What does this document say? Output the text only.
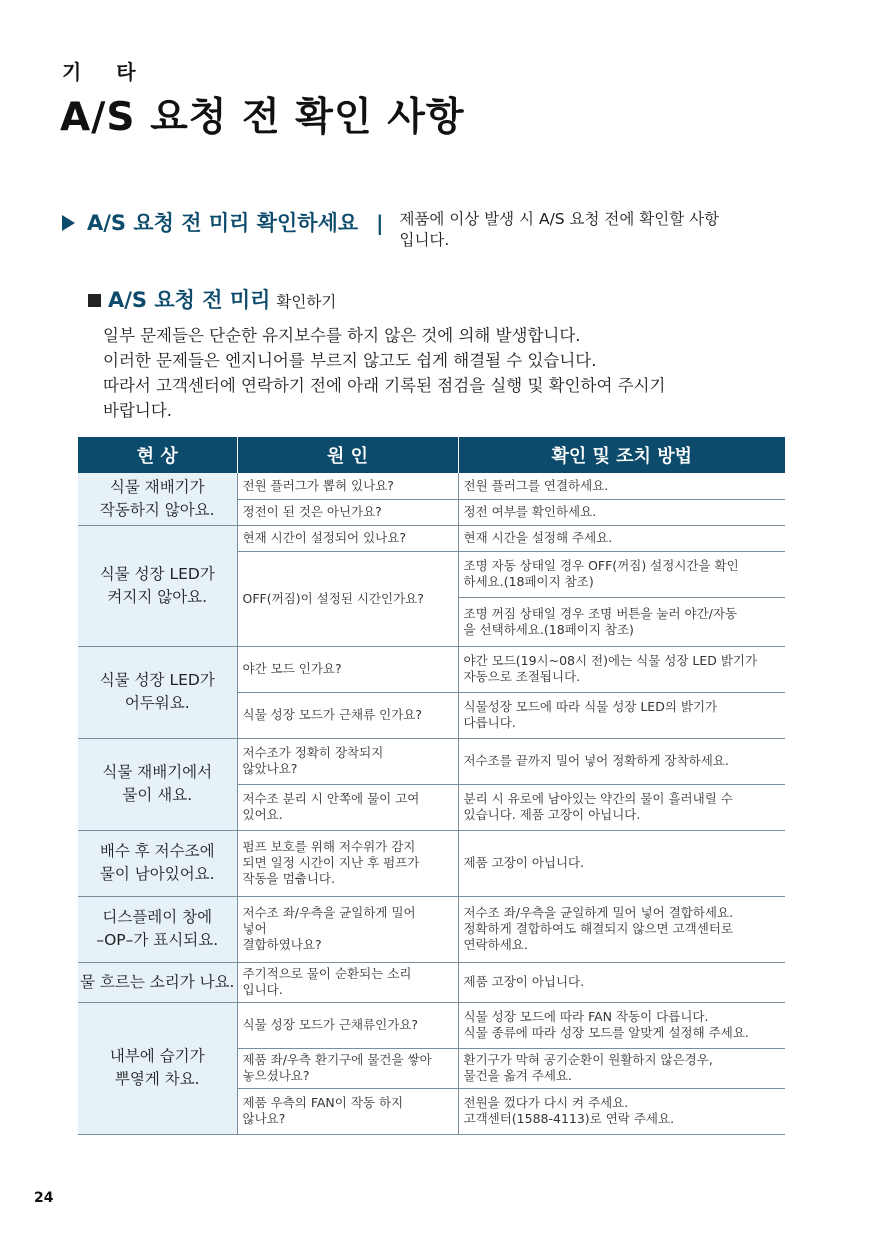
기 타
A/S 요청 전 확인 사항
A/S 요청 전 미리 확인하세요 | 제품에 이상 발생 시 A/S 요청 전에 확인할 사항입니다.
A/S 요청 전 미리 확인하기

일부 문제들은 단순한 유지보수를 하지 않은 것에 의해 발생합니다.

이러한 문제들은 엔지니어를 부르지 않고도 쉽게 해결될 수 있습니다.

따라서 고객센터에 연락하기 전에 아래 기록된 점검을 실행 및 확인하여 주시기

바랍니다.

현 상	원 인	확인 및 조치 방법

식물 재배기가
작동하지 않아요.	전원 플러그가 뽑혀 있나요?	전원 플러그를 연결하세요.

	정전이 된 것은 아닌가요?	정전 여부를 확인하세요.

식물 성장 LED가
켜지지 않아요.	현재 시간이 설정되어 있나요?	현재 시간을 설정해 주세요.

	OFF(꺼짐)이 설정된 시간인가요?	조명 자동 상태일 경우 OFF(꺼짐) 설정시간을 확인
하세요.(18페이지 참조)

		조명 꺼짐 상태일 경우 조명 버튼을 눌러 야간/자동
을 선택하세요.(18페이지 참조)

식물 성장 LED가
어두워요.	야간 모드 인가요?	야간 모드(19시~08시 전)에는 식물 성장 LED 밝기가
자동으로 조절됩니다.

	식물 성장 모드가 근채류 인가요?	식물성장 모드에 따라 식물 성장 LED의 밝기가
다릅니다.

식물 재배기에서
물이 새요.	저수조가 정확히 장착되지
않았나요?	저수조를 끝까지 밀어 넣어 정확하게 장착하세요.

	저수조 분리 시 안쪽에 물이 고여
있어요.	분리 시 유로에 남아있는 약간의 물이 흘러내릴 수
있습니다. 제품 고장이 아닙니다.

배수 후 저수조에
물이 남아있어요.	펌프 보호를 위해 저수위가 감지
되면 일정 시간이 지난 후 펌프가
작동을 멈춥니다.	제품 고장이 아닙니다.

디스플레이 창에
–OP–가 표시되요.	저수조 좌/우측을 균일하게 밀어
넣어
결합하였나요?	저수조 좌/우측을 균일하게 밀어 넣어 결합하세요.
정확하게 결합하여도 해결되지 않으면 고객센터로
연락하세요.

물 흐르는 소리가 나요.	주기적으로 물이 순환되는 소리
입니다.	제품 고장이 아닙니다.

내부에 습기가
뿌옇게 차요.	식물 성장 모드가 근채류인가요?	식물 성장 모드에 따라 FAN 작동이 다릅니다.
식물 종류에 따라 성장 모드를 알맞게 설정해 주세요.

	제품 좌/우측 환기구에 물건을 쌓아
놓으셨나요?	환기구가 막혀 공기순환이 원활하지 않은경우,
물건을 옮겨 주세요.

	제품 우측의 FAN이 작동 하지
않나요?	전원을 껐다가 다시 켜 주세요.
고객센터(1588-4113)로 연락 주세요.
24
